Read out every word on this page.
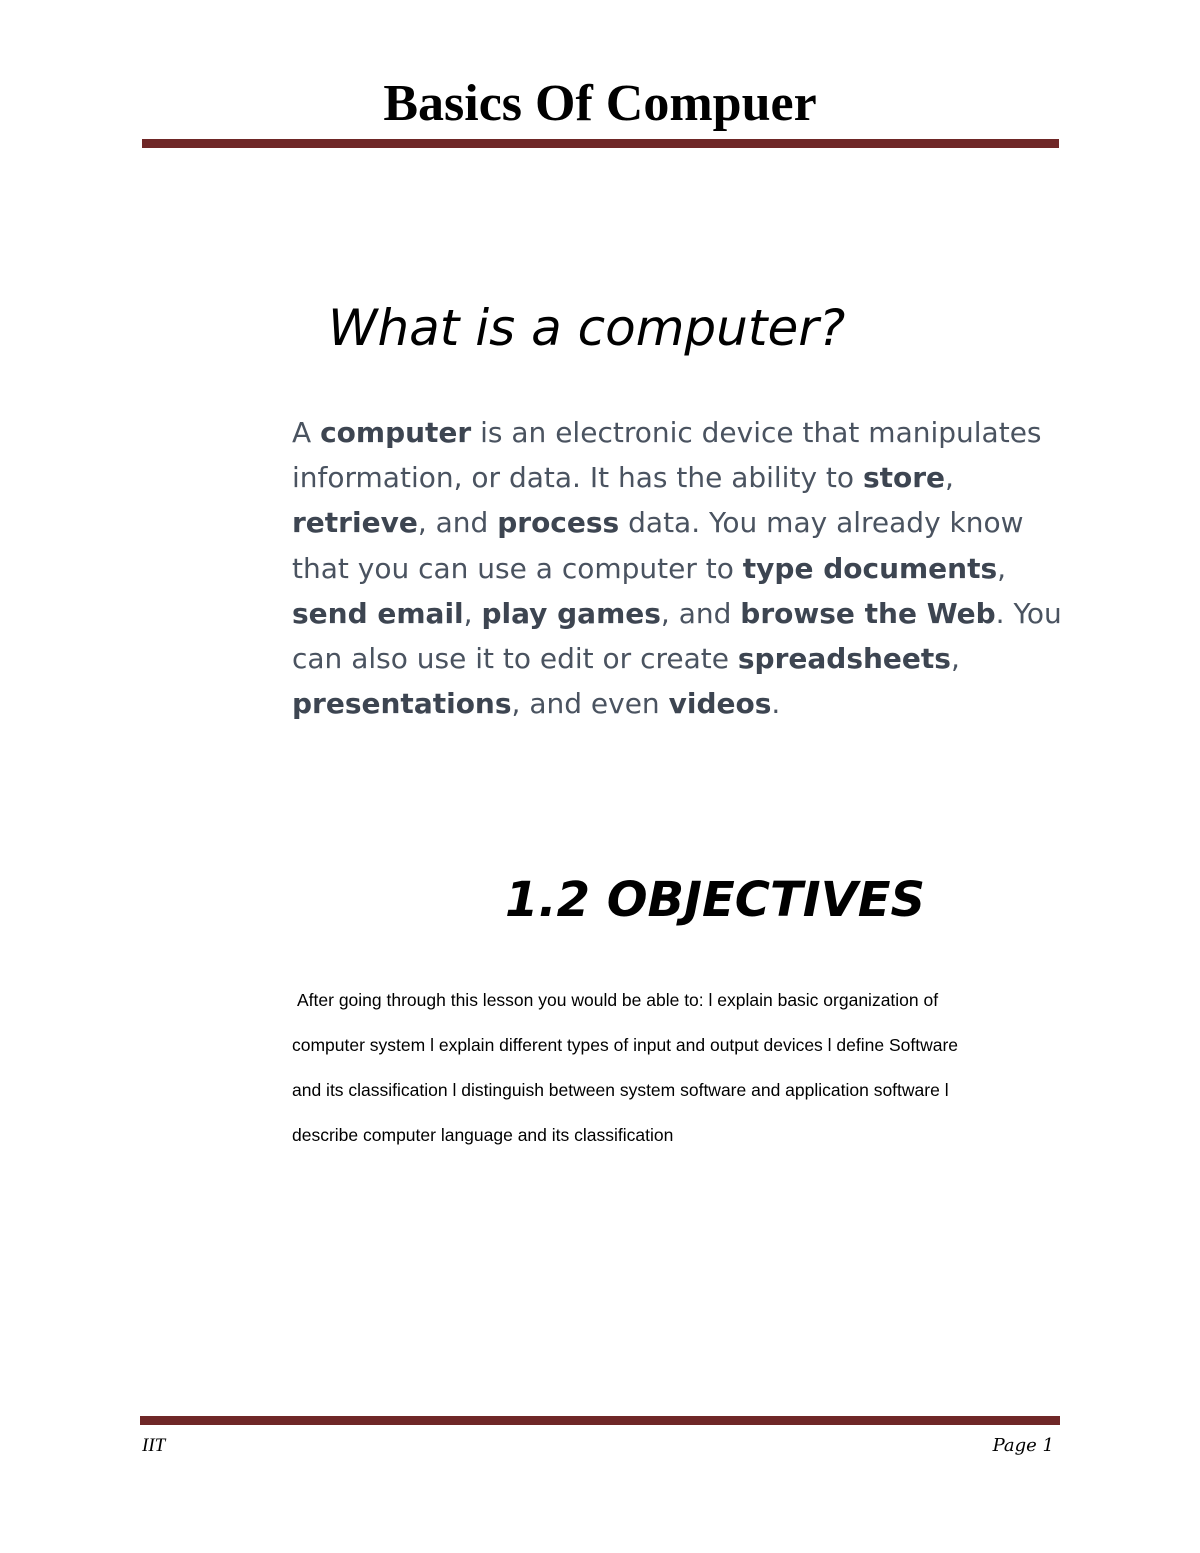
Basics Of Compuer
What is a computer?
A computer is an electronic device that manipulates information, or data. It has the ability to store, retrieve, and process data. You may already know that you can use a computer to type documents, send email, play games, and browse the Web. You can also use it to edit or create spreadsheets, presentations, and even videos.
1.2 OBJECTIVES
After going through this lesson you would be able to: l explain basic organization of
computer system l explain different types of input and output devices l define Software
and its classification l distinguish between system software and application software l
describe computer language and its classification
IIT	Page 1
